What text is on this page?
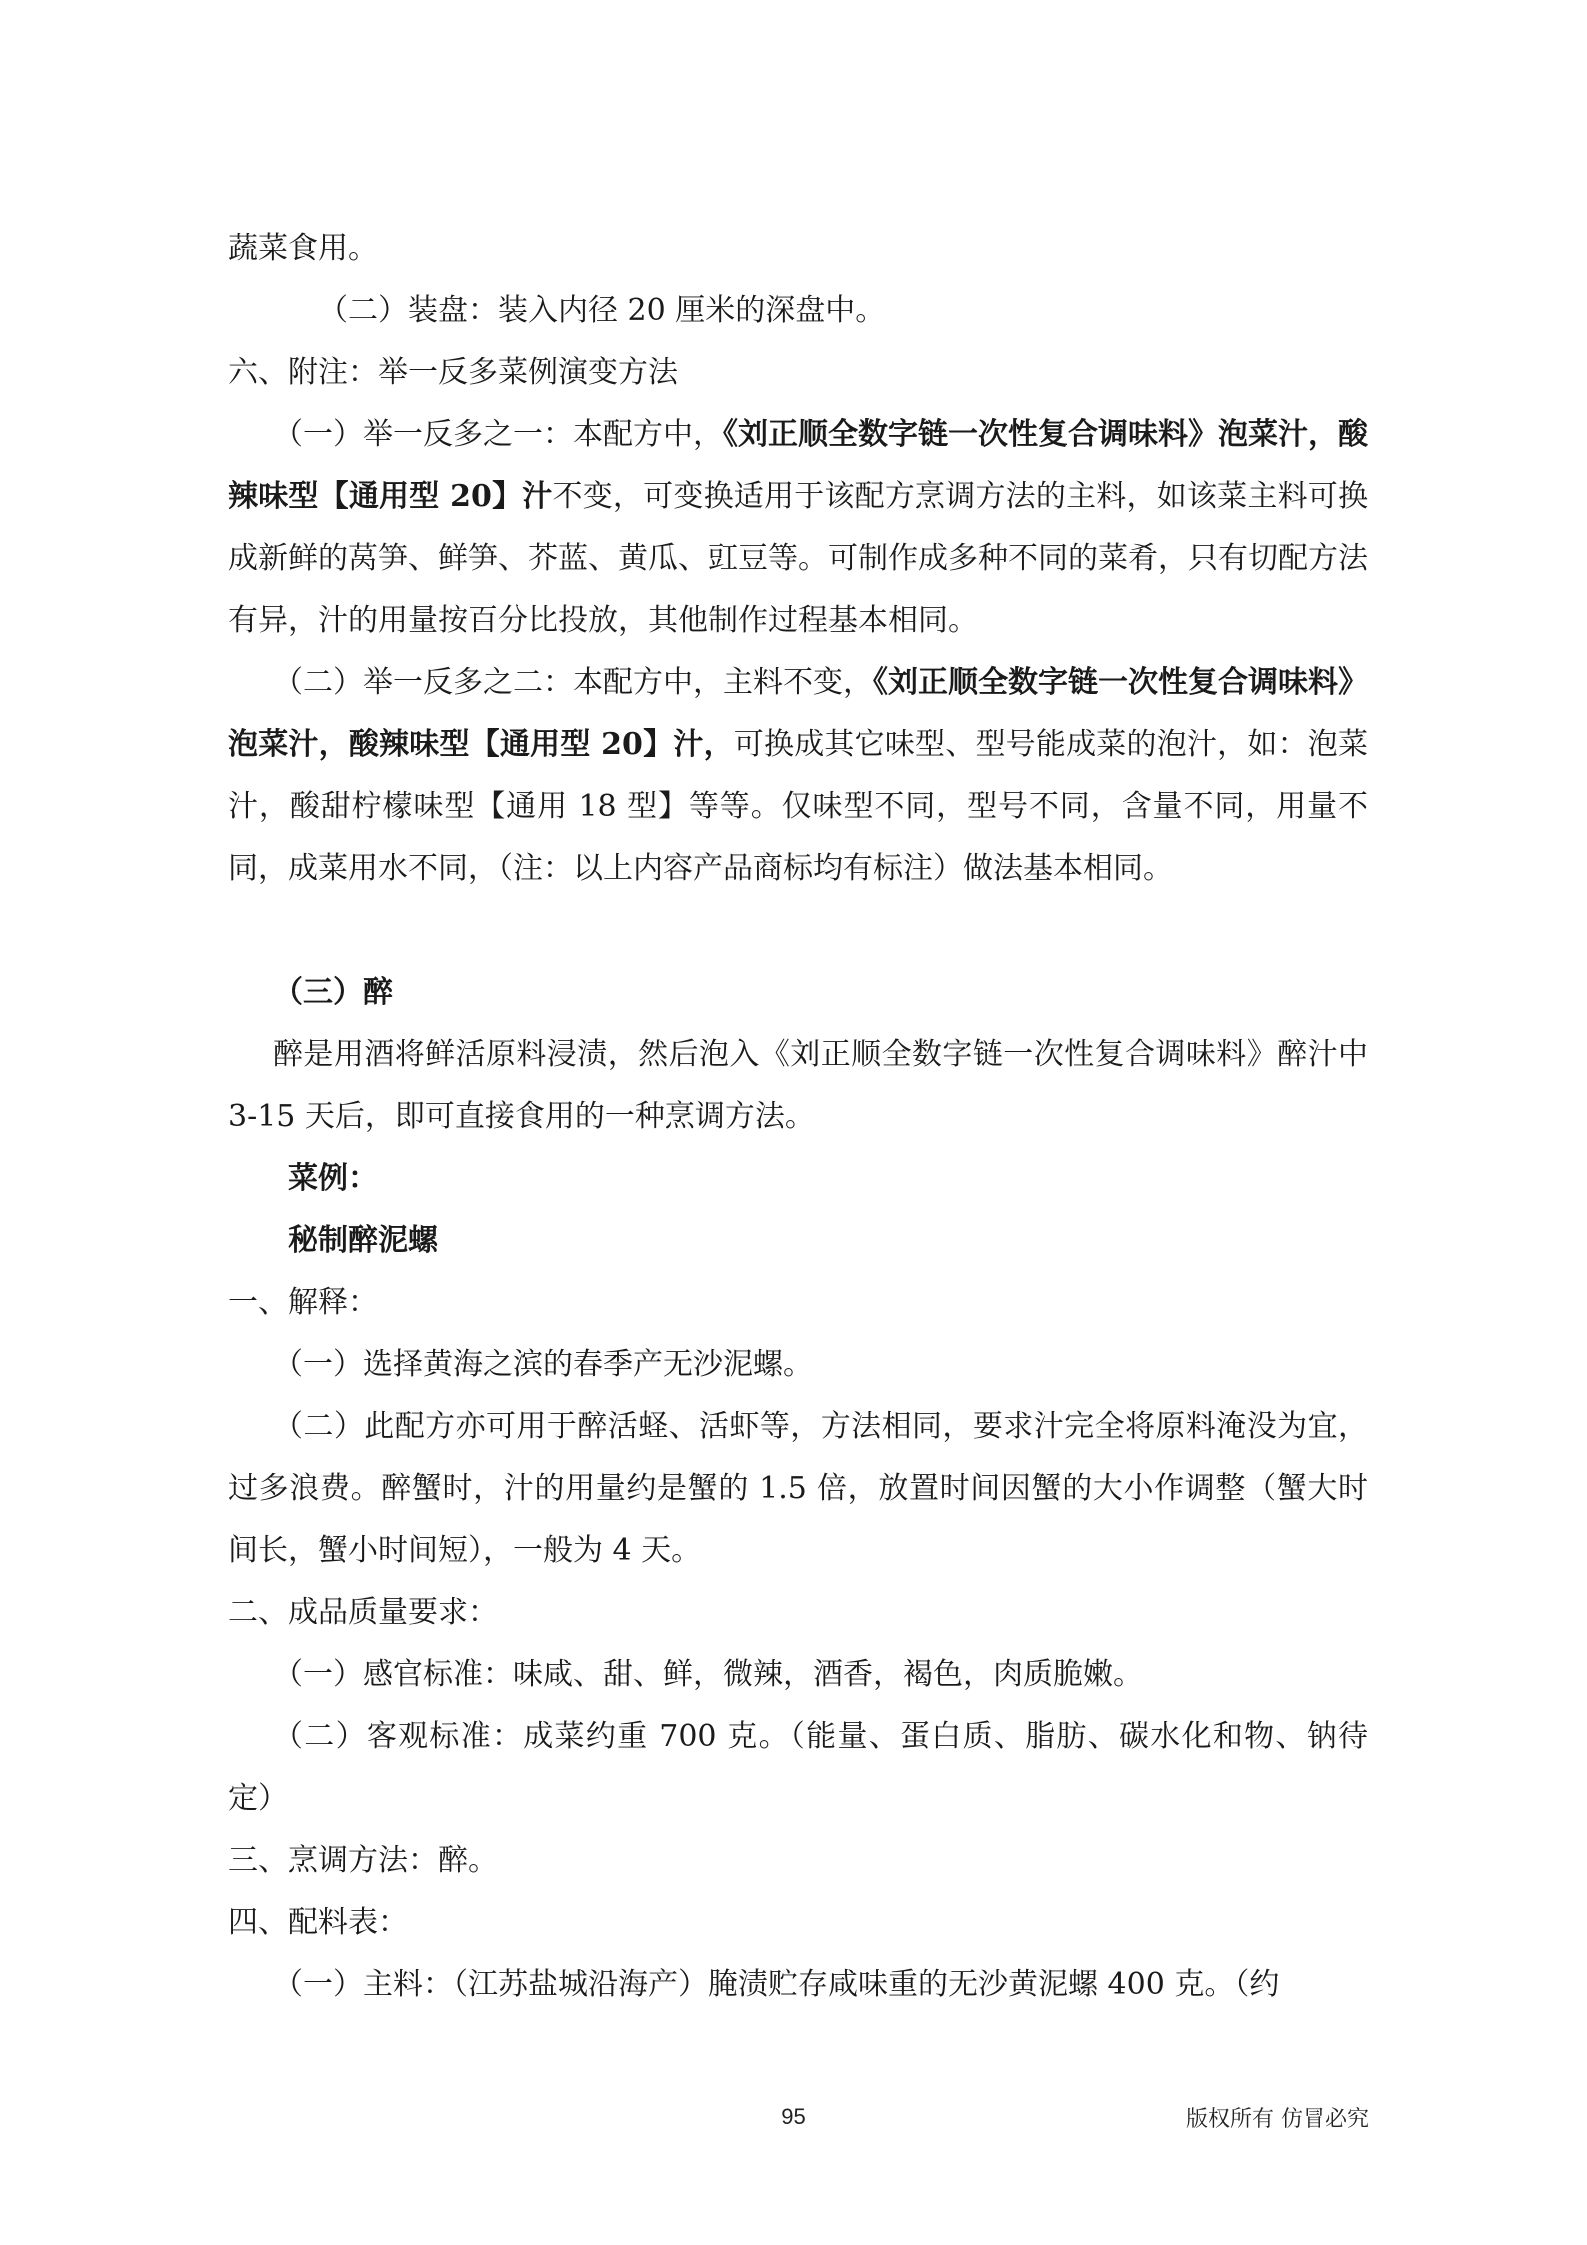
蔬菜食用。

（二）装盘：装入内径 20 厘米的深盘中。

六、附注：举一反多菜例演变方法

（一）举一反多之一：本配方中，《刘正顺全数字链一次性复合调味料》泡菜汁，酸辣味型【通用型 20】汁不变，可变换适用于该配方烹调方法的主料，如该菜主料可换成新鲜的莴笋、鲜笋、芥蓝、黄瓜、豇豆等。可制作成多种不同的菜肴，只有切配方法有异，汁的用量按百分比投放，其他制作过程基本相同。

（二）举一反多之二：本配方中，主料不变，《刘正顺全数字链一次性复合调味料》泡菜汁，酸辣味型【通用型 20】汁，可换成其它味型、型号能成菜的泡汁，如：泡菜汁，酸甜柠檬味型【通用 18 型】等等。仅味型不同，型号不同，含量不同，用量不同，成菜用水不同，（注：以上内容产品商标均有标注）做法基本相同。

（三）醉

醉是用酒将鲜活原料浸渍，然后泡入《刘正顺全数字链一次性复合调味料》醉汁中 3-15 天后，即可直接食用的一种烹调方法。

菜例：

秘制醉泥螺

一、解释：

（一）选择黄海之滨的春季产无沙泥螺。

（二）此配方亦可用于醉活蛏、活虾等，方法相同，要求汁完全将原料淹没为宜，过多浪费。醉蟹时，汁的用量约是蟹的 1.5 倍，放置时间因蟹的大小作调整（蟹大时间长，蟹小时间短），一般为 4 天。

二、成品质量要求：

（一）感官标准：味咸、甜、鲜，微辣，酒香，褐色，肉质脆嫩。

（二）客观标准：成菜约重 700 克。（能量、蛋白质、脂肪、碳水化和物、钠待定）

三、烹调方法：醉。

四、配料表：

（一）主料：（江苏盐城沿海产）腌渍贮存咸味重的无沙黄泥螺 400 克。（约

95	版权所有 仿冒必究
